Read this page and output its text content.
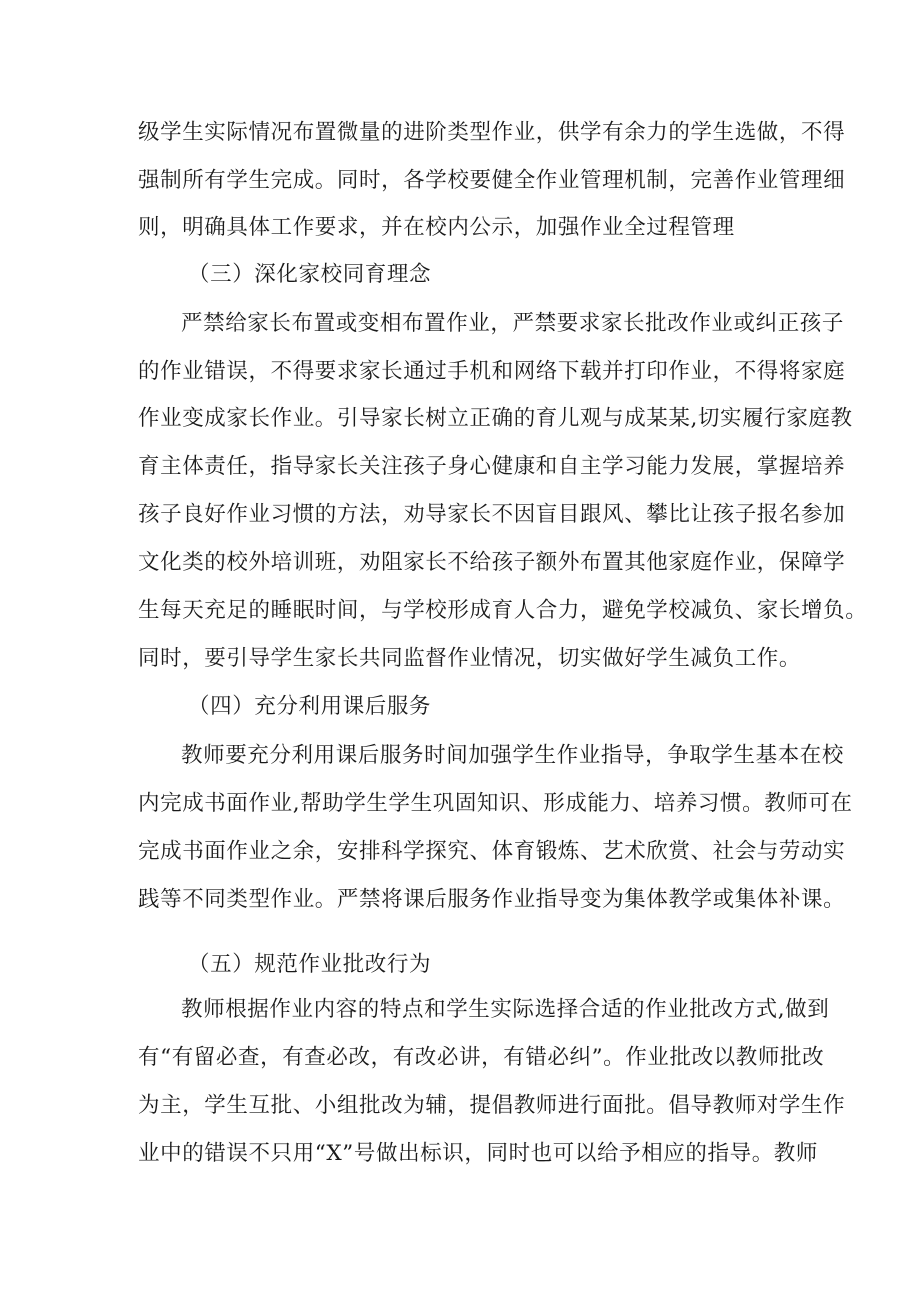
级学生实际情况布置微量的进阶类型作业，供学有余力的学生选做，不得
强制所有学生完成。同时，各学校要健全作业管理机制，完善作业管理细
则，明确具体工作要求，并在校内公示，加强作业全过程管理
（三）深化家校同育理念
严禁给家长布置或变相布置作业，严禁要求家长批改作业或纠正孩子
的作业错误，不得要求家长通过手机和网络下载并打印作业，不得将家庭
作业变成家长作业。引导家长树立正确的育儿观与成某某,切实履行家庭教
育主体责任，指导家长关注孩子身心健康和自主学习能力发展，掌握培养
孩子良好作业习惯的方法，劝导家长不因盲目跟风、攀比让孩子报名参加
文化类的校外培训班，劝阻家长不给孩子额外布置其他家庭作业，保障学
生每天充足的睡眠时间，与学校形成育人合力，避免学校减负、家长增负。
同时，要引导学生家长共同监督作业情况，切实做好学生减负工作。
（四）充分利用课后服务
教师要充分利用课后服务时间加强学生作业指导，争取学生基本在校
内完成书面作业,帮助学生学生巩固知识、形成能力、培养习惯。教师可在
完成书面作业之余，安排科学探究、体育锻炼、艺术欣赏、社会与劳动实
践等不同类型作业。严禁将课后服务作业指导变为集体教学或集体补课。
（五）规范作业批改行为
教师根据作业内容的特点和学生实际选择合适的作业批改方式,做到
有“有留必查，有查必改，有改必讲，有错必纠”。作业批改以教师批改
为主，学生互批、小组批改为辅，提倡教师进行面批。倡导教师对学生作
业中的错误不只用“X”号做出标识，同时也可以给予相应的指导。教师
